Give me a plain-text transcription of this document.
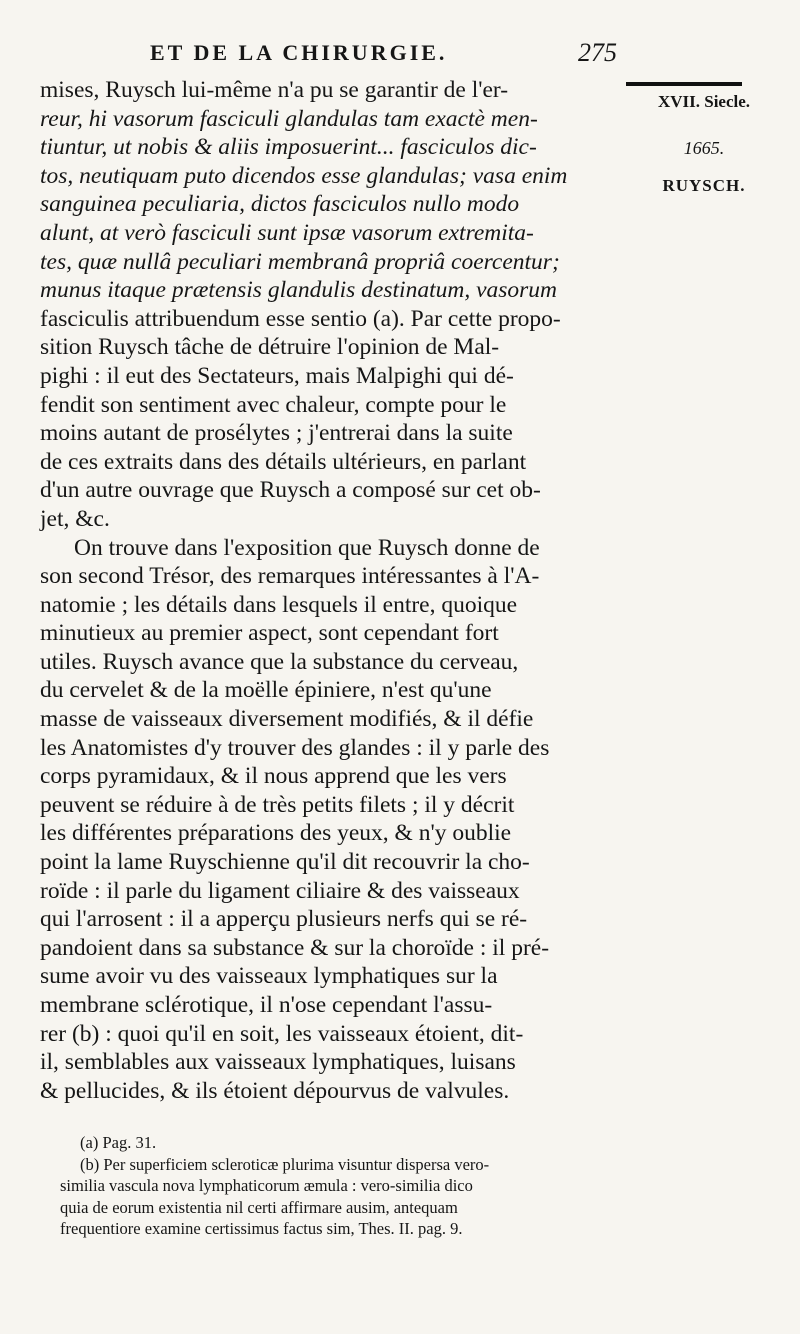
ET DE LA CHIRURGIE.	275
XVII. Siecle.
1665.
RUYSCH.
mises, Ruysch lui-même n'a pu se garantir de l'er-
reur, hi vasorum fasciculi glandulas tam exactè men-
tiuntur, ut nobis & aliis imposuerint... fasciculos dic-
tos, neutiquam puto dicendos esse glandulas; vasa enim
sanguinea peculiaria, dictos fasciculos nullo modo
alunt, at verò fasciculi sunt ipsæ vasorum extremita-
tes, quæ nullâ peculiari membranâ propriâ coercentur;
munus itaque prætensis glandulis destinatum, vasorum
fasciculis attribuendum esse sentio (a). Par cette propo-
sition Ruysch tâche de détruire l'opinion de Mal-
pighi : il eut des Sectateurs, mais Malpighi qui dé-
fendit son sentiment avec chaleur, compte pour le
moins autant de prosélytes ; j'entrerai dans la suite
de ces extraits dans des détails ultérieurs, en parlant
d'un autre ouvrage que Ruysch a composé sur cet ob-
jet, &c.
On trouve dans l'exposition que Ruysch donne de
son second Trésor, des remarques intéressantes à l'A-
natomie ; les détails dans lesquels il entre, quoique
minutieux au premier aspect, sont cependant fort
utiles. Ruysch avance que la substance du cerveau,
du cervelet & de la moëlle épiniere, n'est qu'une
masse de vaisseaux diversement modifiés, & il défie
les Anatomistes d'y trouver des glandes : il y parle des
corps pyramidaux, & il nous apprend que les vers
peuvent se réduire à de très petits filets ; il y décrit
les différentes préparations des yeux, & n'y oublie
point la lame Ruyschienne qu'il dit recouvrir la cho-
roïde : il parle du ligament ciliaire & des vaisseaux
qui l'arrosent : il a apperçu plusieurs nerfs qui se ré-
pandoient dans sa substance & sur la choroïde : il pré-
sume avoir vu des vaisseaux lymphatiques sur la
membrane sclérotique, il n'ose cependant l'assu-
rer (b) : quoi qu'il en soit, les vaisseaux étoient, dit-
il, semblables aux vaisseaux lymphatiques, luisans
& pellucides, & ils étoient dépourvus de valvules.
(a) Pag. 31.
(b) Per superficiem scleroticæ plurima visuntur dispersa vero-
similia vascula nova lymphaticorum æmula : vero-similia dico
quia de eorum existentia nil certi affirmare ausim, antequam
frequentiore examine certissimus factus sim, Thes. II. pag. 9.
